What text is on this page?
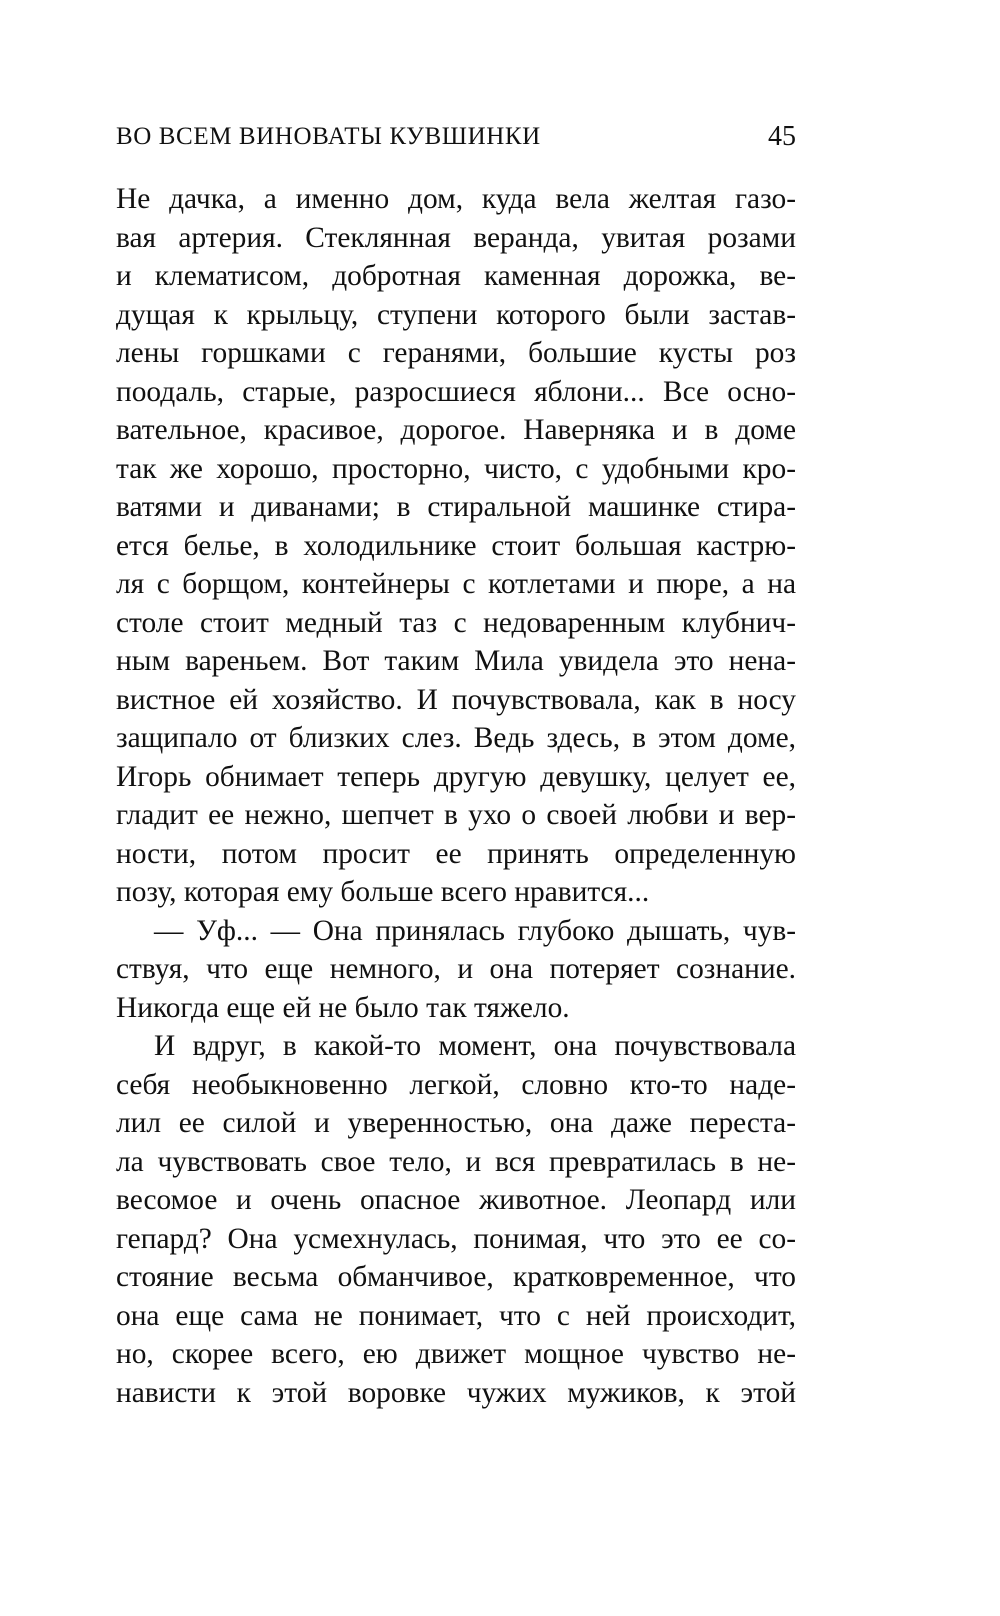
ВО ВСЕМ ВИНОВАТЫ КУВШИНКИ	45
Не дачка, а именно дом, куда вела желтая газо-
вая артерия. Стеклянная веранда, увитая розами
и клематисом, добротная каменная дорожка, ве-
дущая к крыльцу, ступени которого были застав-
лены горшками с геранями, большие кусты роз
поодаль, старые, разросшиеся яблони... Все осно-
вательное, красивое, дорогое. Наверняка и в доме
так же хорошо, просторно, чисто, с удобными кро-
ватями и диванами; в стиральной машинке стира-
ется белье, в холодильнике стоит большая кастрю-
ля с борщом, контейнеры с котлетами и пюре, а на
столе стоит медный таз с недоваренным клубнич-
ным вареньем. Вот таким Мила увидела это нена-
вистное ей хозяйство. И почувствовала, как в носу
защипало от близких слез. Ведь здесь, в этом доме,
Игорь обнимает теперь другую девушку, целует ее,
гладит ее нежно, шепчет в ухо о своей любви и вер-
ности, потом просит ее принять определенную
позу, которая ему больше всего нравится...
— Уф... — Она принялась глубоко дышать, чув-
ствуя, что еще немного, и она потеряет сознание.
Никогда еще ей не было так тяжело.
И вдруг, в какой-то момент, она почувствовала
себя необыкновенно легкой, словно кто-то наде-
лил ее силой и уверенностью, она даже переста-
ла чувствовать свое тело, и вся превратилась в не-
весомое и очень опасное животное. Леопард или
гепард? Она усмехнулась, понимая, что это ее со-
стояние весьма обманчивое, кратковременное, что
она еще сама не понимает, что с ней происходит,
но, скорее всего, ею движет мощное чувство не-
нависти к этой воровке чужих мужиков, к этой
